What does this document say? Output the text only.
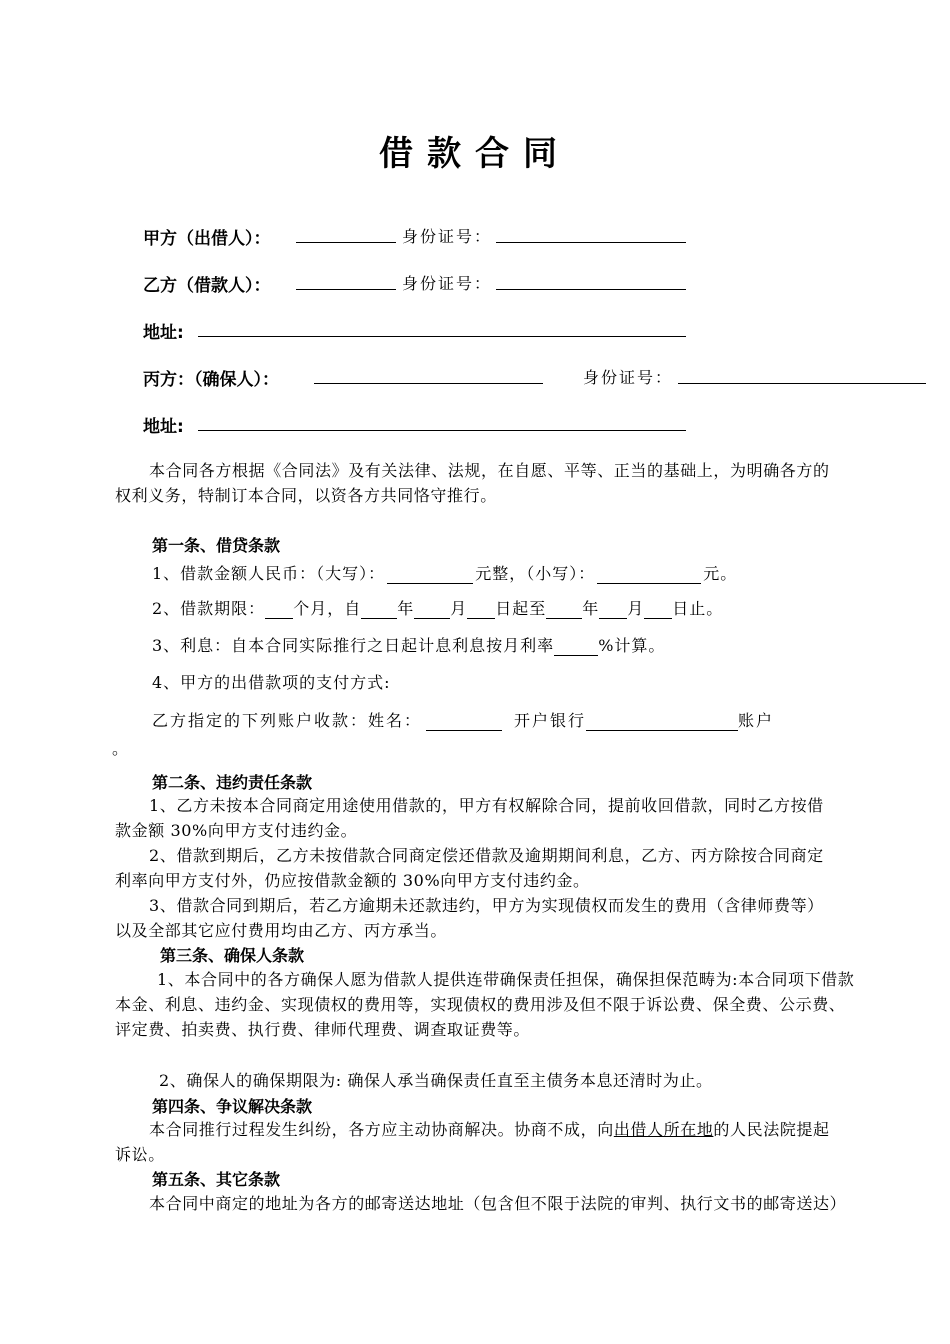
借款合同
甲方（出借人）：	身份证号：
乙方（借款人）：	身份证号：
地址:
丙方：（确保人）：	身份证号：
地址:
本合同各方根据《合同法》及有关法律、法规，在自愿、平等、正当的基础上，为明确各方的权利义务，特制订本合同，以资各方共同恪守推行。
第一条、借贷条款
1、借款金额人民币：（大写）：	元整，（小写）：	元。
2、借款期限： 个月，自 年 月 日起至 年 月 日止。
3、利息：自本合同实际推行之日起计息利息按月利率	%计算。
4、甲方的出借款项的支付方式:
乙方指定的下列账户收款：姓名：	开户银行	账户
。
第二条、违约责任条款
1、乙方未按本合同商定用途使用借款的，甲方有权解除合同，提前收回借款，同时乙方按借款金额 30%向甲方支付违约金。
2、借款到期后，乙方未按借款合同商定偿还借款及逾期期间利息，乙方、丙方除按合同商定利率向甲方支付外，仍应按借款金额的 30%向甲方支付违约金。
3、借款合同到期后，若乙方逾期未还款违约，甲方为实现债权而发生的费用（含律师费等）以及全部其它应付费用均由乙方、丙方承当。
第三条、确保人条款
1、本合同中的各方确保人愿为借款人提供连带确保责任担保，确保担保范畴为:本合同项下借款本金、利息、违约金、实现债权的费用等，实现债权的费用涉及但不限于诉讼费、保全费、公示费、评定费、拍卖费、执行费、律师代理费、调查取证费等。
2、确保人的确保期限为: 确保人承当确保责任直至主债务本息还清时为止。
第四条、争议解决条款
本合同推行过程发生纠纷，各方应主动协商解决。协商不成，向出借人所在地的人民法院提起诉讼。
第五条、其它条款
本合同中商定的地址为各方的邮寄送达地址（包含但不限于法院的审判、执行文书的邮寄送达）
